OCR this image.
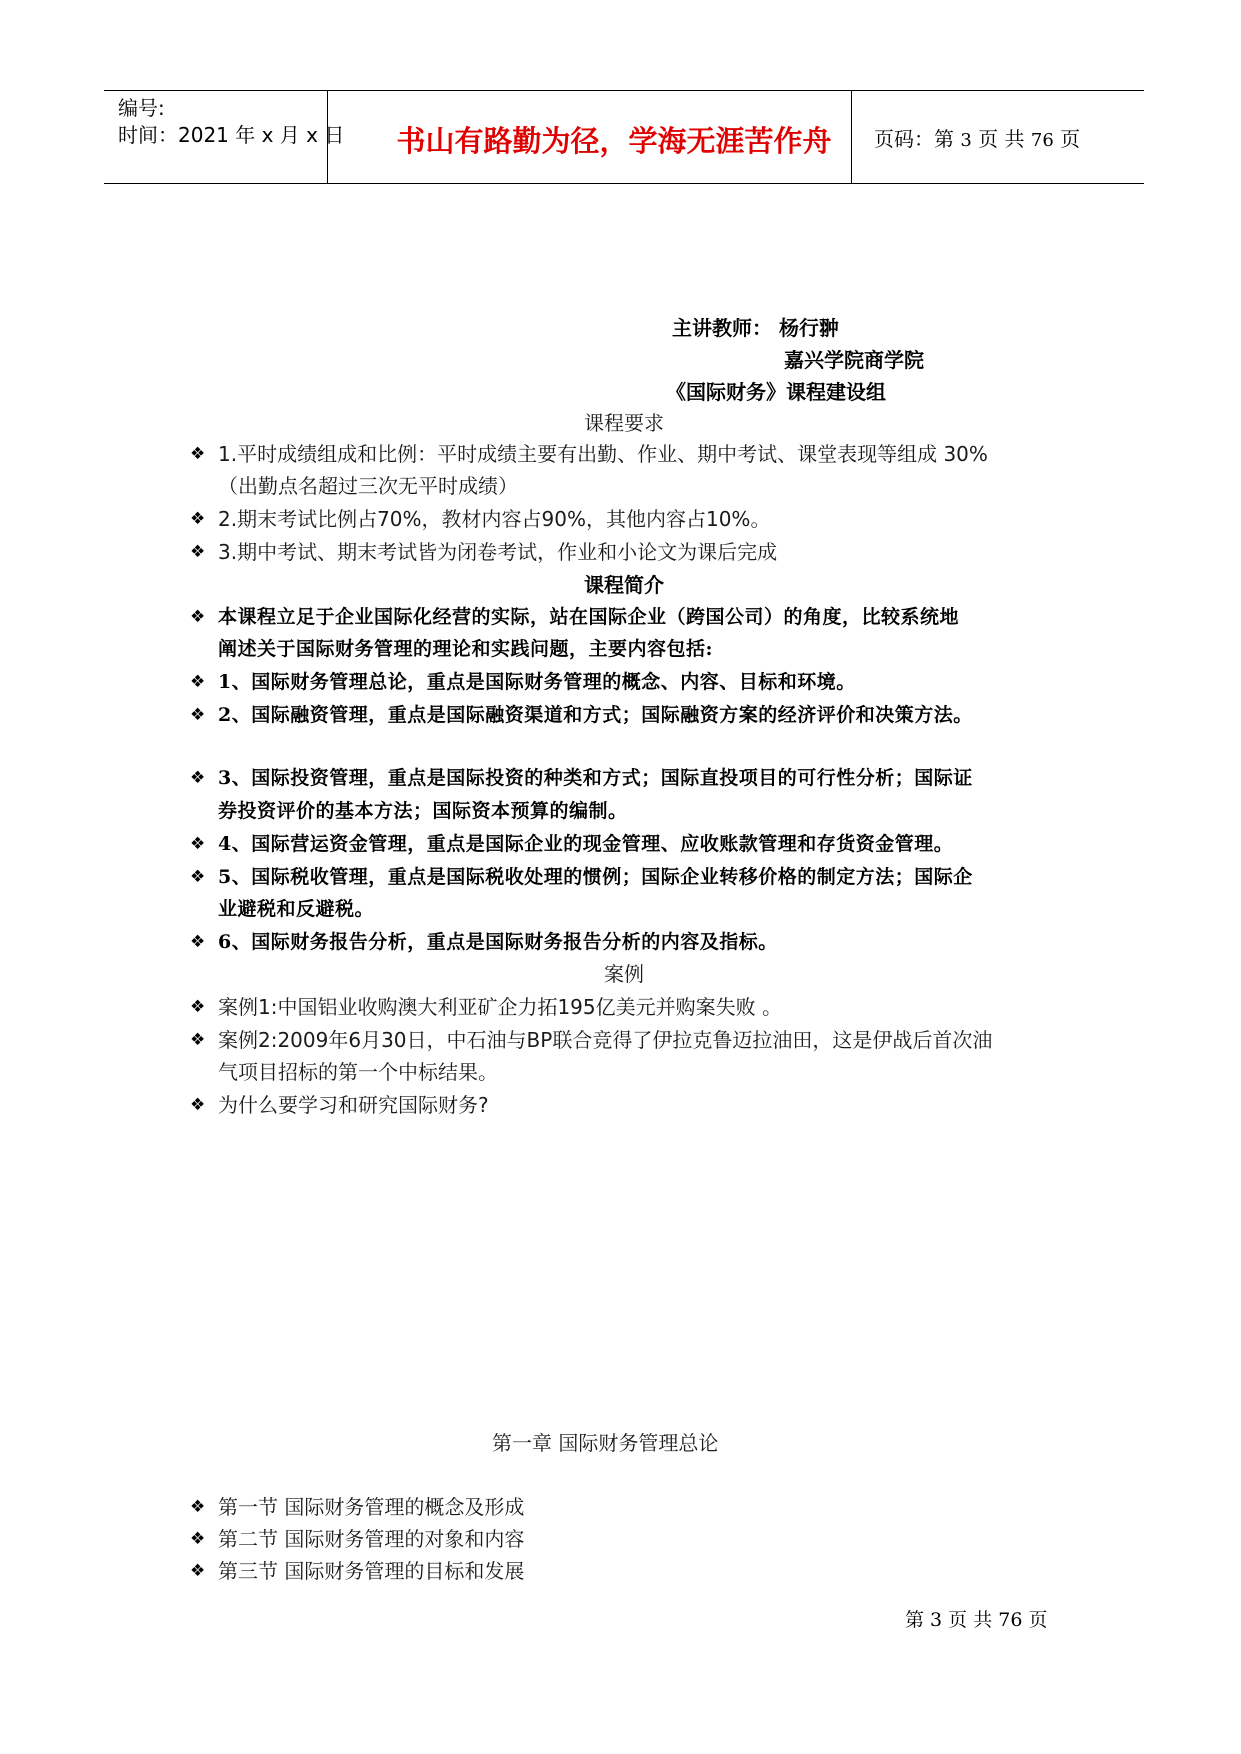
编号:
时间：2021 年 x 月 x 日	书山有路勤为径，学海无涯苦作舟	页码：第 3 页 共 76 页
主讲教师： 杨行翀
嘉兴学院商学院
《国际财务》课程建设组
课程要求
❖ 1.平时成绩组成和比例：平时成绩主要有出勤、作业、期中考试、课堂表现等组成 30%
（出勤点名超过三次无平时成绩）
❖ 2.期末考试比例占70%，教材内容占90%，其他内容占10%。
❖ 3.期中考试、期末考试皆为闭卷考试，作业和小论文为课后完成
课程简介
❖ 本课程立足于企业国际化经营的实际，站在国际企业（跨国公司）的角度，比较系统地
阐述关于国际财务管理的理论和实践问题，主要内容包括:
❖ 1、国际财务管理总论，重点是国际财务管理的概念、内容、目标和环境。
❖ 2、国际融资管理，重点是国际融资渠道和方式；国际融资方案的经济评价和决策方法。
❖ 3、国际投资管理，重点是国际投资的种类和方式；国际直投项目的可行性分析；国际证
券投资评价的基本方法；国际资本预算的编制。
❖ 4、国际营运资金管理，重点是国际企业的现金管理、应收账款管理和存货资金管理。
❖ 5、国际税收管理，重点是国际税收处理的惯例；国际企业转移价格的制定方法；国际企
业避税和反避税。
❖ 6、国际财务报告分析，重点是国际财务报告分析的内容及指标。
案例
❖ 案例1:中国铝业收购澳大利亚矿企力拓195亿美元并购案失败 。
❖ 案例2:2009年6月30日，中石油与BP联合竞得了伊拉克鲁迈拉油田，这是伊战后首次油
气项目招标的第一个中标结果。
❖ 为什么要学习和研究国际财务?
第一章 国际财务管理总论
❖ 第一节 国际财务管理的概念及形成
❖ 第二节 国际财务管理的对象和内容
❖ 第三节 国际财务管理的目标和发展
第 3 页 共 76 页
